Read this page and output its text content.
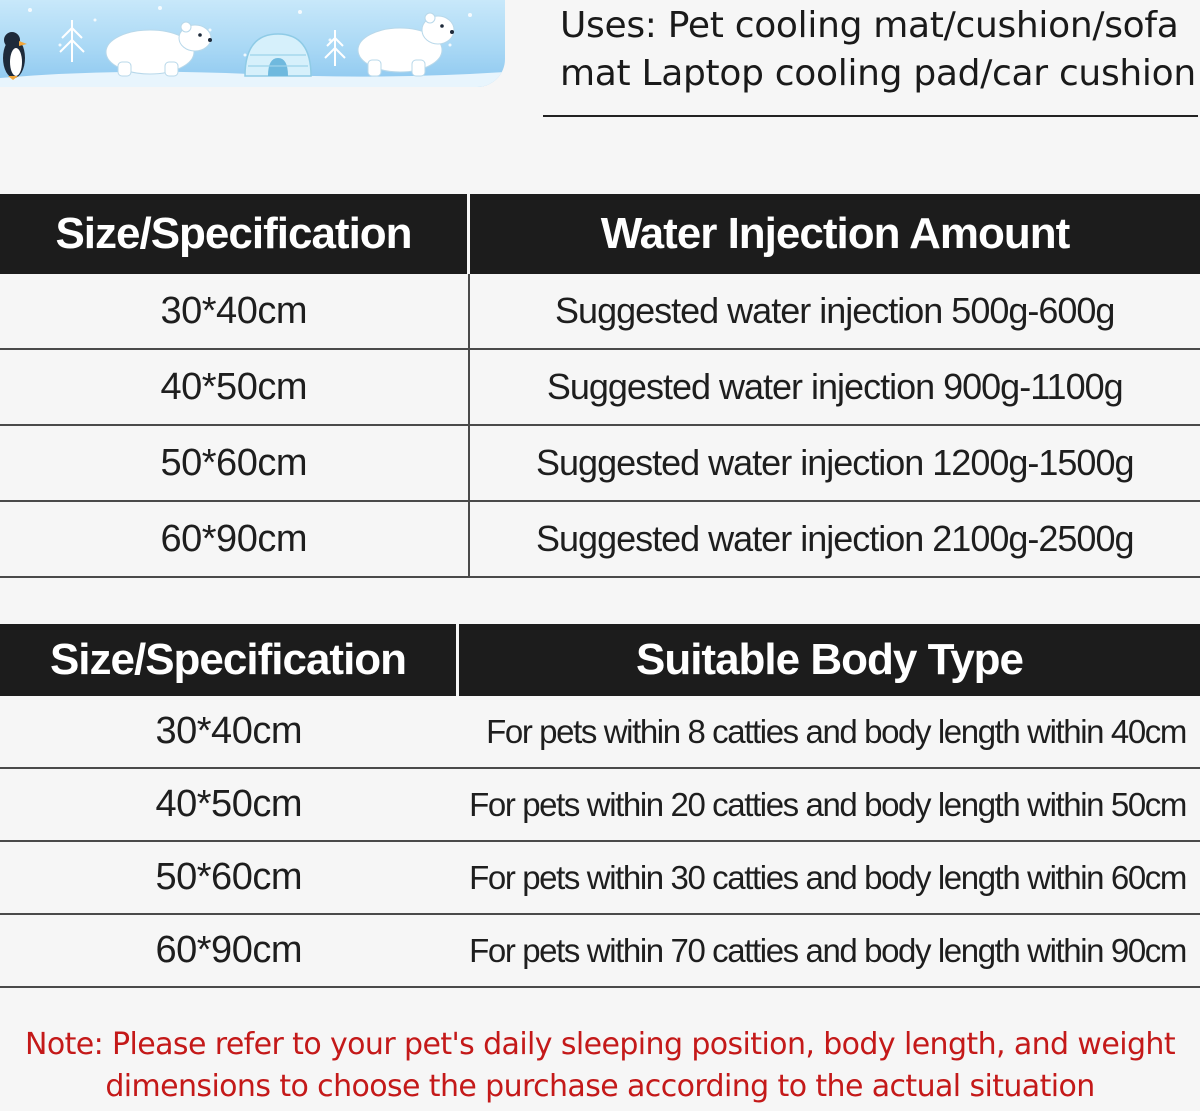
Uses: Pet cooling mat/cushion/sofa
mat Laptop cooling pad/car cushion

Size/Specification	Water Injection Amount
30*40cm	Suggested water injection 500g-600g
40*50cm	Suggested water injection 900g-1100g
50*60cm	Suggested water injection 1200g-1500g
60*90cm	Suggested water injection 2100g-2500g
Size/Specification	Suitable Body Type
30*40cm	For pets within 8 catties and body length within 40cm
40*50cm	For pets within 20 catties and body length within 50cm
50*60cm	For pets within 30 catties and body length within 60cm
60*90cm	For pets within 70 catties and body length within 90cm

Note: Please refer to your pet's daily sleeping position, body length, and weight
dimensions to choose the purchase according to the actual situation
